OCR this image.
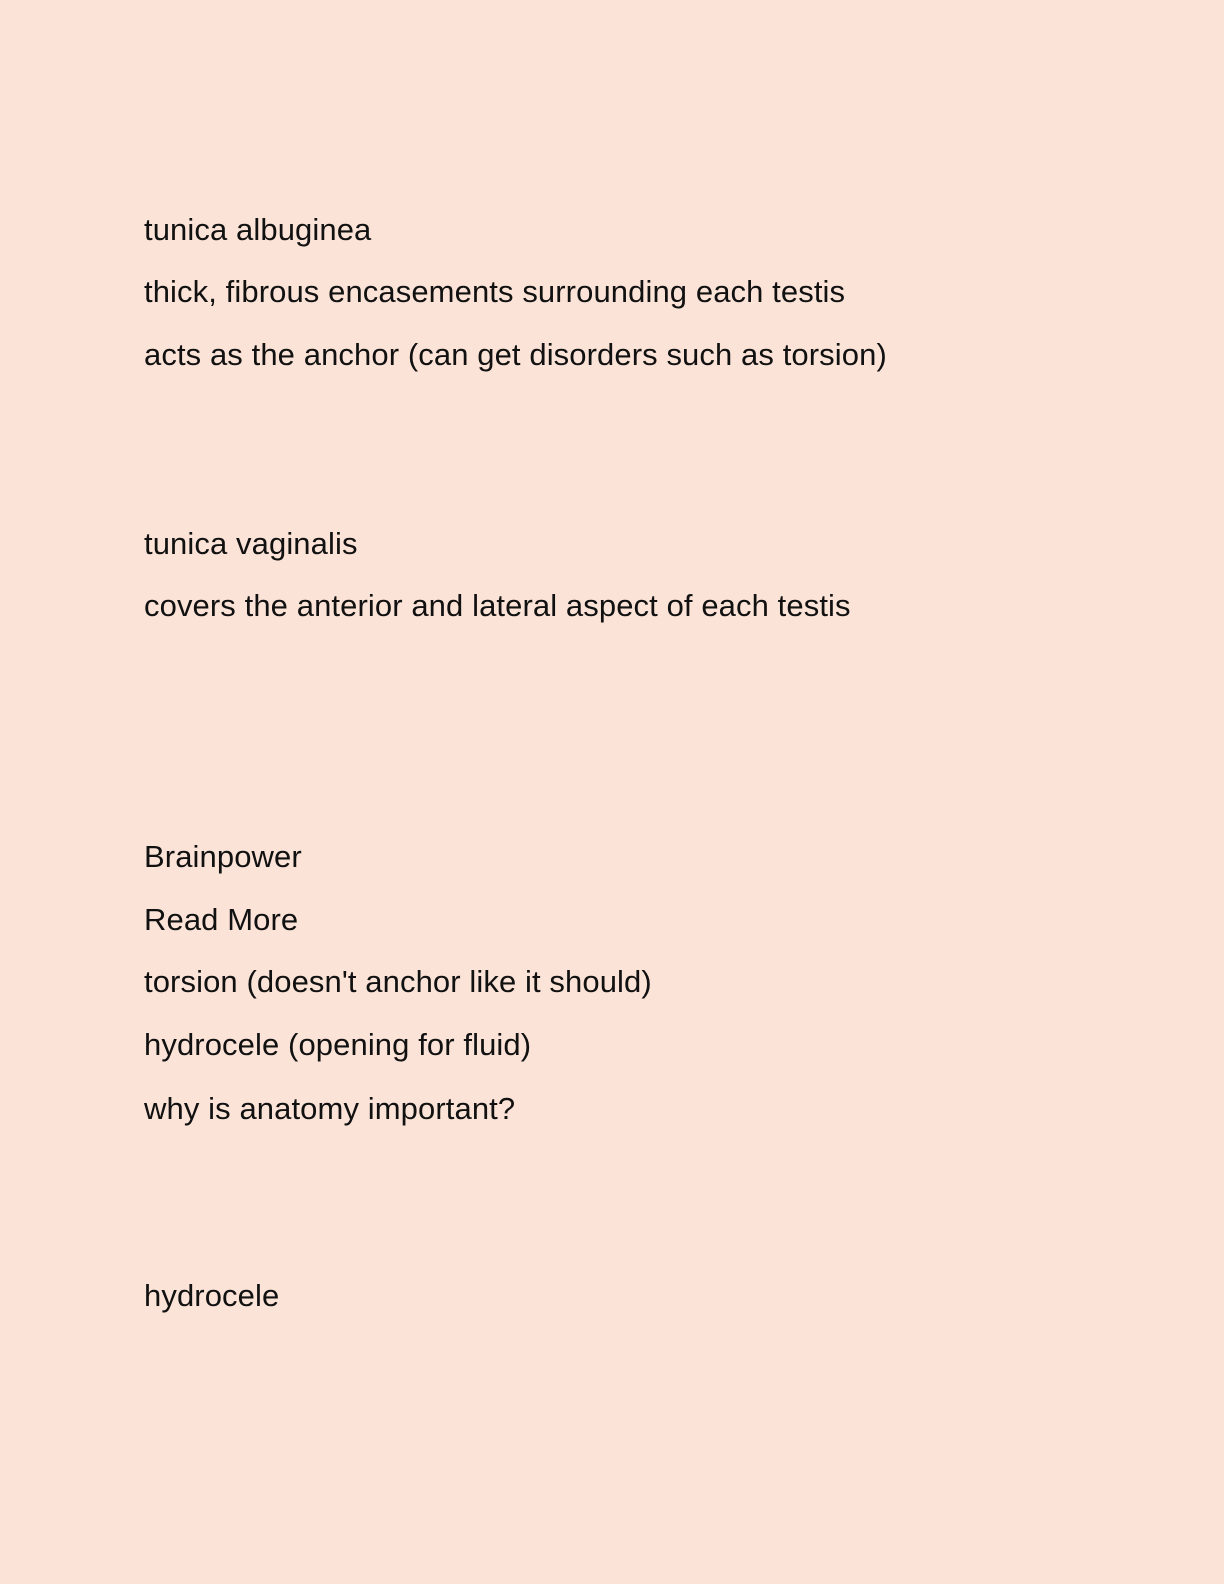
tunica albuginea

thick, fibrous encasements surrounding each testis

acts as the anchor (can get disorders such as torsion)

tunica vaginalis

covers the anterior and lateral aspect of each testis

Brainpower

Read More

torsion (doesn't anchor like it should)

hydrocele (opening for fluid)

why is anatomy important?

hydrocele
